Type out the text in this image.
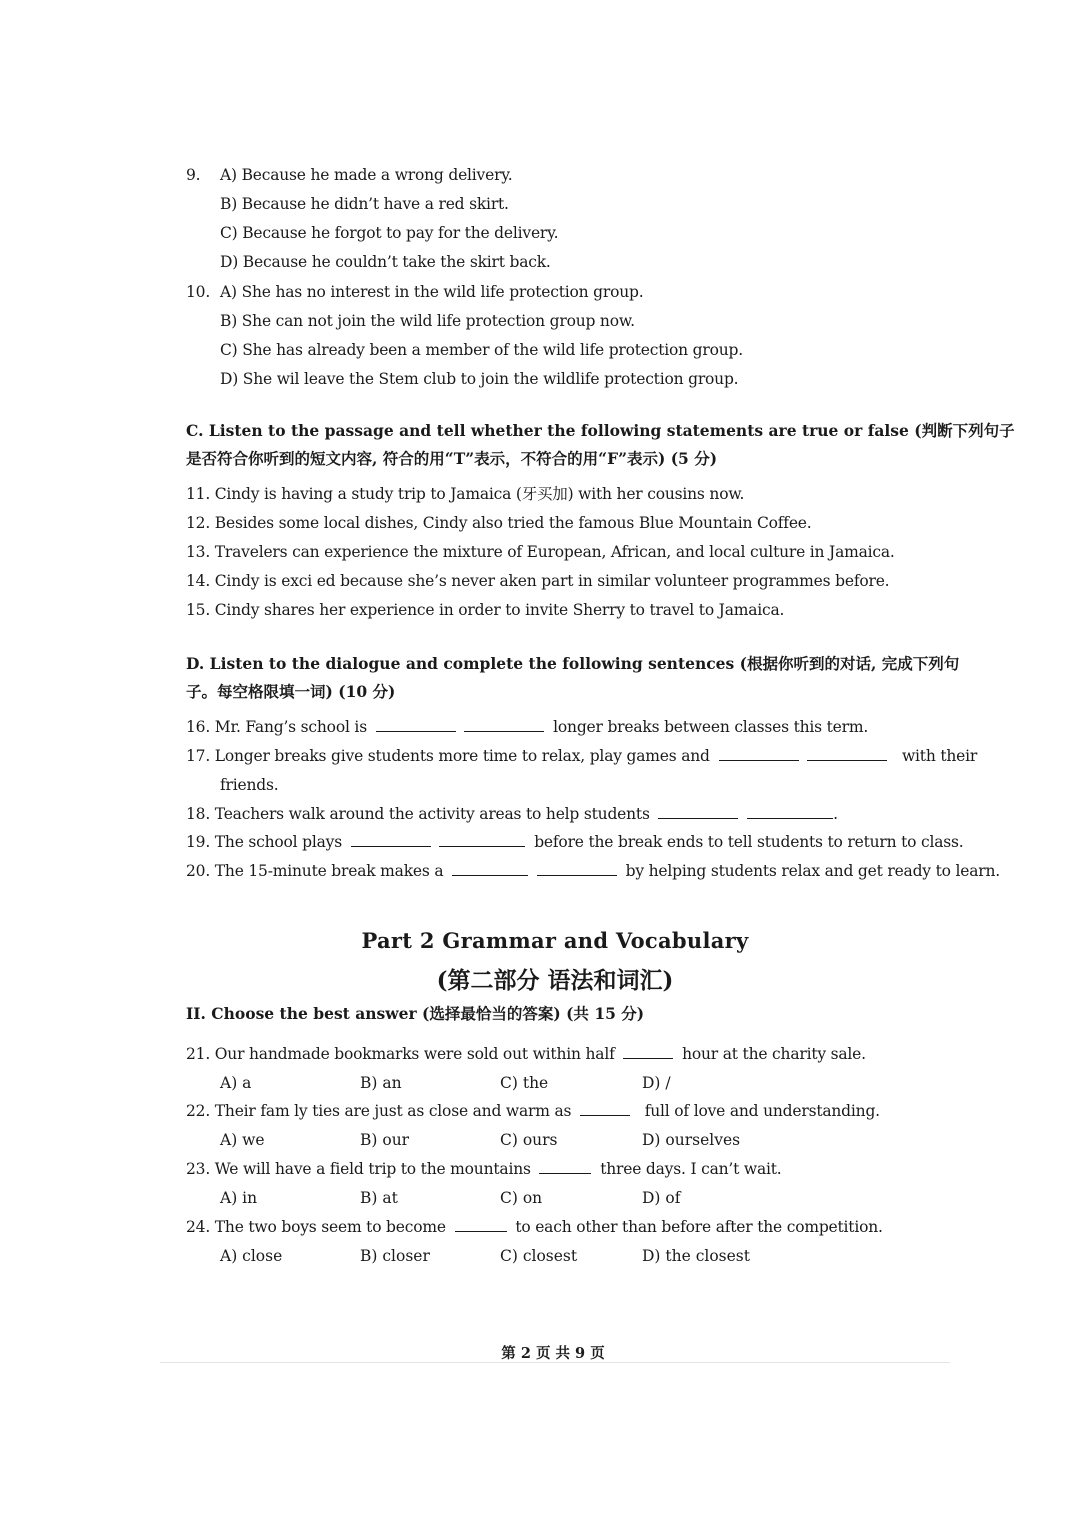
9. A) Because he made a wrong delivery.
B) Because he didn’t have a red skirt.
C) Because he forgot to pay for the delivery.
D) Because he couldn’t take the skirt back.
10. A) She has no interest in the wild life protection group.
B) She can not join the wild life protection group now.
C) She has already been a member of the wild life protection group.
D) She wil leave the Stem club to join the wildlife protection group.
C. Listen to the passage and tell whether the following statements are true or false (判断下列句子
是否符合你听到的短文内容, 符合的用“T”表示，不符合的用“F”表示) (5 分)
11. Cindy is having a study trip to Jamaica (牙买加) with her cousins now.
12. Besides some local dishes, Cindy also tried the famous Blue Mountain Coffee.
13. Travelers can experience the mixture of European, African, and local culture in Jamaica.
14. Cindy is exci ed because she’s never aken part in similar volunteer programmes before.
15. Cindy shares her experience in order to invite Sherry to travel to Jamaica.
D. Listen to the dialogue and complete the following sentences (根据你听到的对话, 完成下列句
子。每空格限填一词) (10 分)
16. Mr. Fang’s school is	longer breaks between classes this term.
17. Longer breaks give students more time to relax, play games and	with their
friends.
18. Teachers walk around the activity areas to help students	.
19. The school plays	before the break ends to tell students to return to class.
20. The 15-minute break makes a	by helping students relax and get ready to learn.
Part 2 Grammar and Vocabulary
(第二部分 语法和词汇)
II. Choose the best answer (选择最恰当的答案) (共 15 分)
21. Our handmade bookmarks were sold out within half	hour at the charity sale.
A) a	B) an	C) the	D) /
22. Their fam ly ties are just as close and warm as	full of love and understanding.
A) we	B) our	C) ours	D) ourselves
23. We will have a field trip to the mountains	three days. I can’t wait.
A) in	B) at	C) on	D) of
24. The two boys seem to become	to each other than before after the competition.
A) close	B) closer	C) closest	D) the closest
第 2 页 共 9 页
